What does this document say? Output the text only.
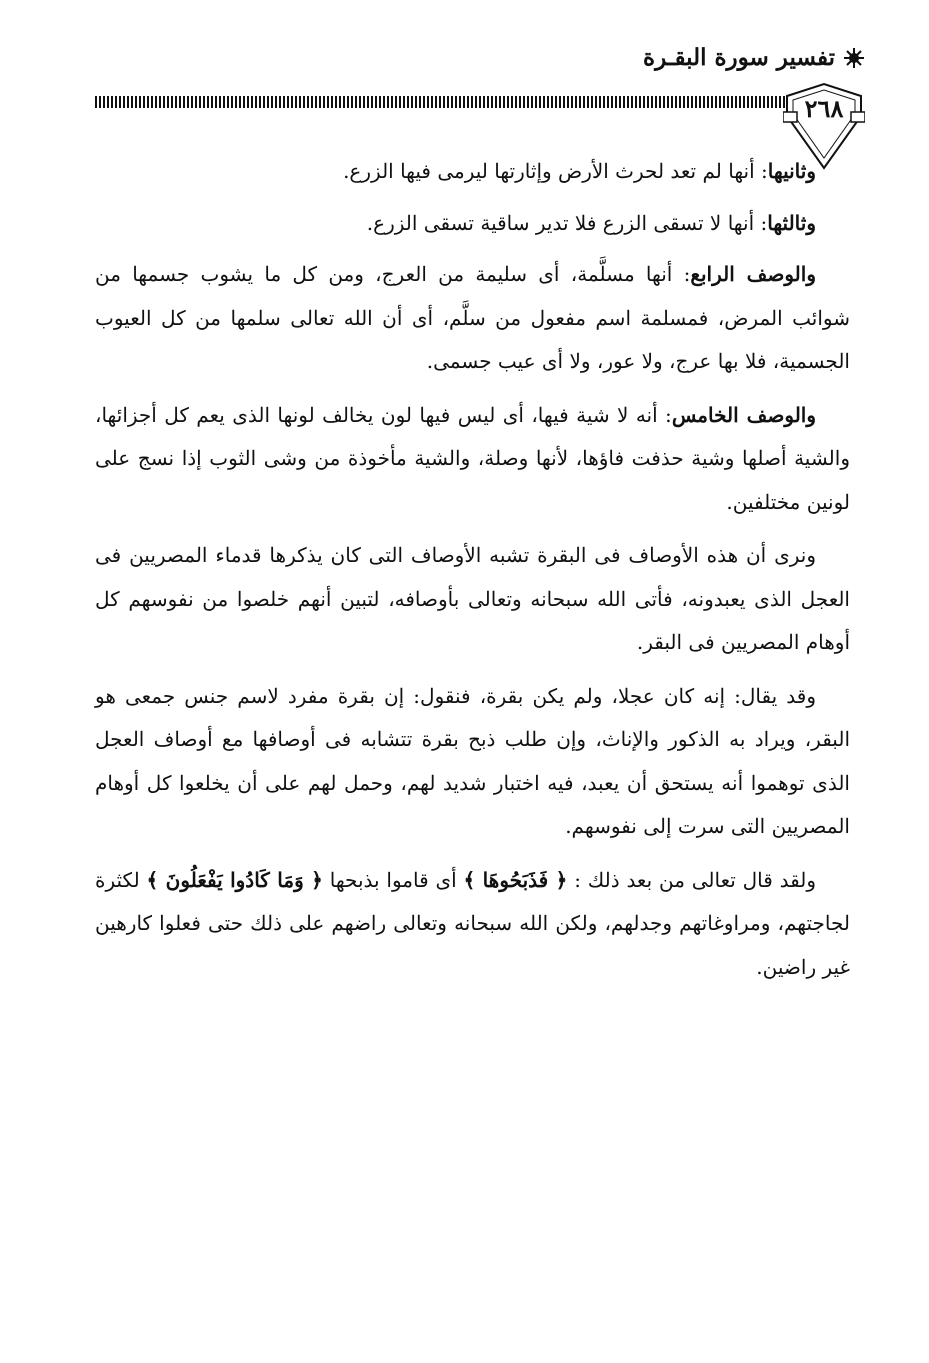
تفسير سورة البقـرة
٢٦٨

وثانيها: أنها لم تعد لحرث الأرض وإثارتها ليرمى فيها الزرع.

وثالثها: أنها لا تسقى الزرع فلا تدير ساقية تسقى الزرع.

والوصف الرابع: أنها مسلَّمة، أى سليمة من العرج، ومن كل ما يشوب جسمها من شوائب المرض، فمسلمة اسم مفعول من سلَّم، أى أن الله تعالى سلمها من كل العيوب الجسمية، فلا بها عرج، ولا عور، ولا أى عيب جسمى.

والوصف الخامس: أنه لا شية فيها، أى ليس فيها لون يخالف لونها الذى يعم كل أجزائها، والشية أصلها وشية حذفت فاؤها، لأنها وصلة، والشية مأخوذة من وشى الثوب إذا نسج على لونين مختلفين.

ونرى أن هذه الأوصاف فى البقرة تشبه الأوصاف التى كان يذكرها قدماء المصريين فى العجل الذى يعبدونه، فأتى الله سبحانه وتعالى بأوصافه، لتبين أنهم خلصوا من نفوسهم كل أوهام المصريين فى البقر.

وقد يقال: إنه كان عجلا، ولم يكن بقرة، فنقول: إن بقرة مفرد لاسم جنس جمعى هو البقر، ويراد به الذكور والإناث، وإن طلب ذبح بقرة تتشابه فى أوصافها مع أوصاف العجل الذى توهموا أنه يستحق أن يعبد، فيه اختبار شديد لهم، وحمل لهم على أن يخلعوا كل أوهام المصريين التى سرت إلى نفوسهم.

ولقد قال تعالى من بعد ذلك : ﴿ فَذَبَحُوهَا ﴾ أى قاموا بذبحها ﴿ وَمَا كَادُوا يَفْعَلُونَ ﴾ لكثرة لجاجتهم، ومراوغاتهم وجدلهم، ولكن الله سبحانه وتعالى راضهم على ذلك حتى فعلوا كارهين غير راضين.
